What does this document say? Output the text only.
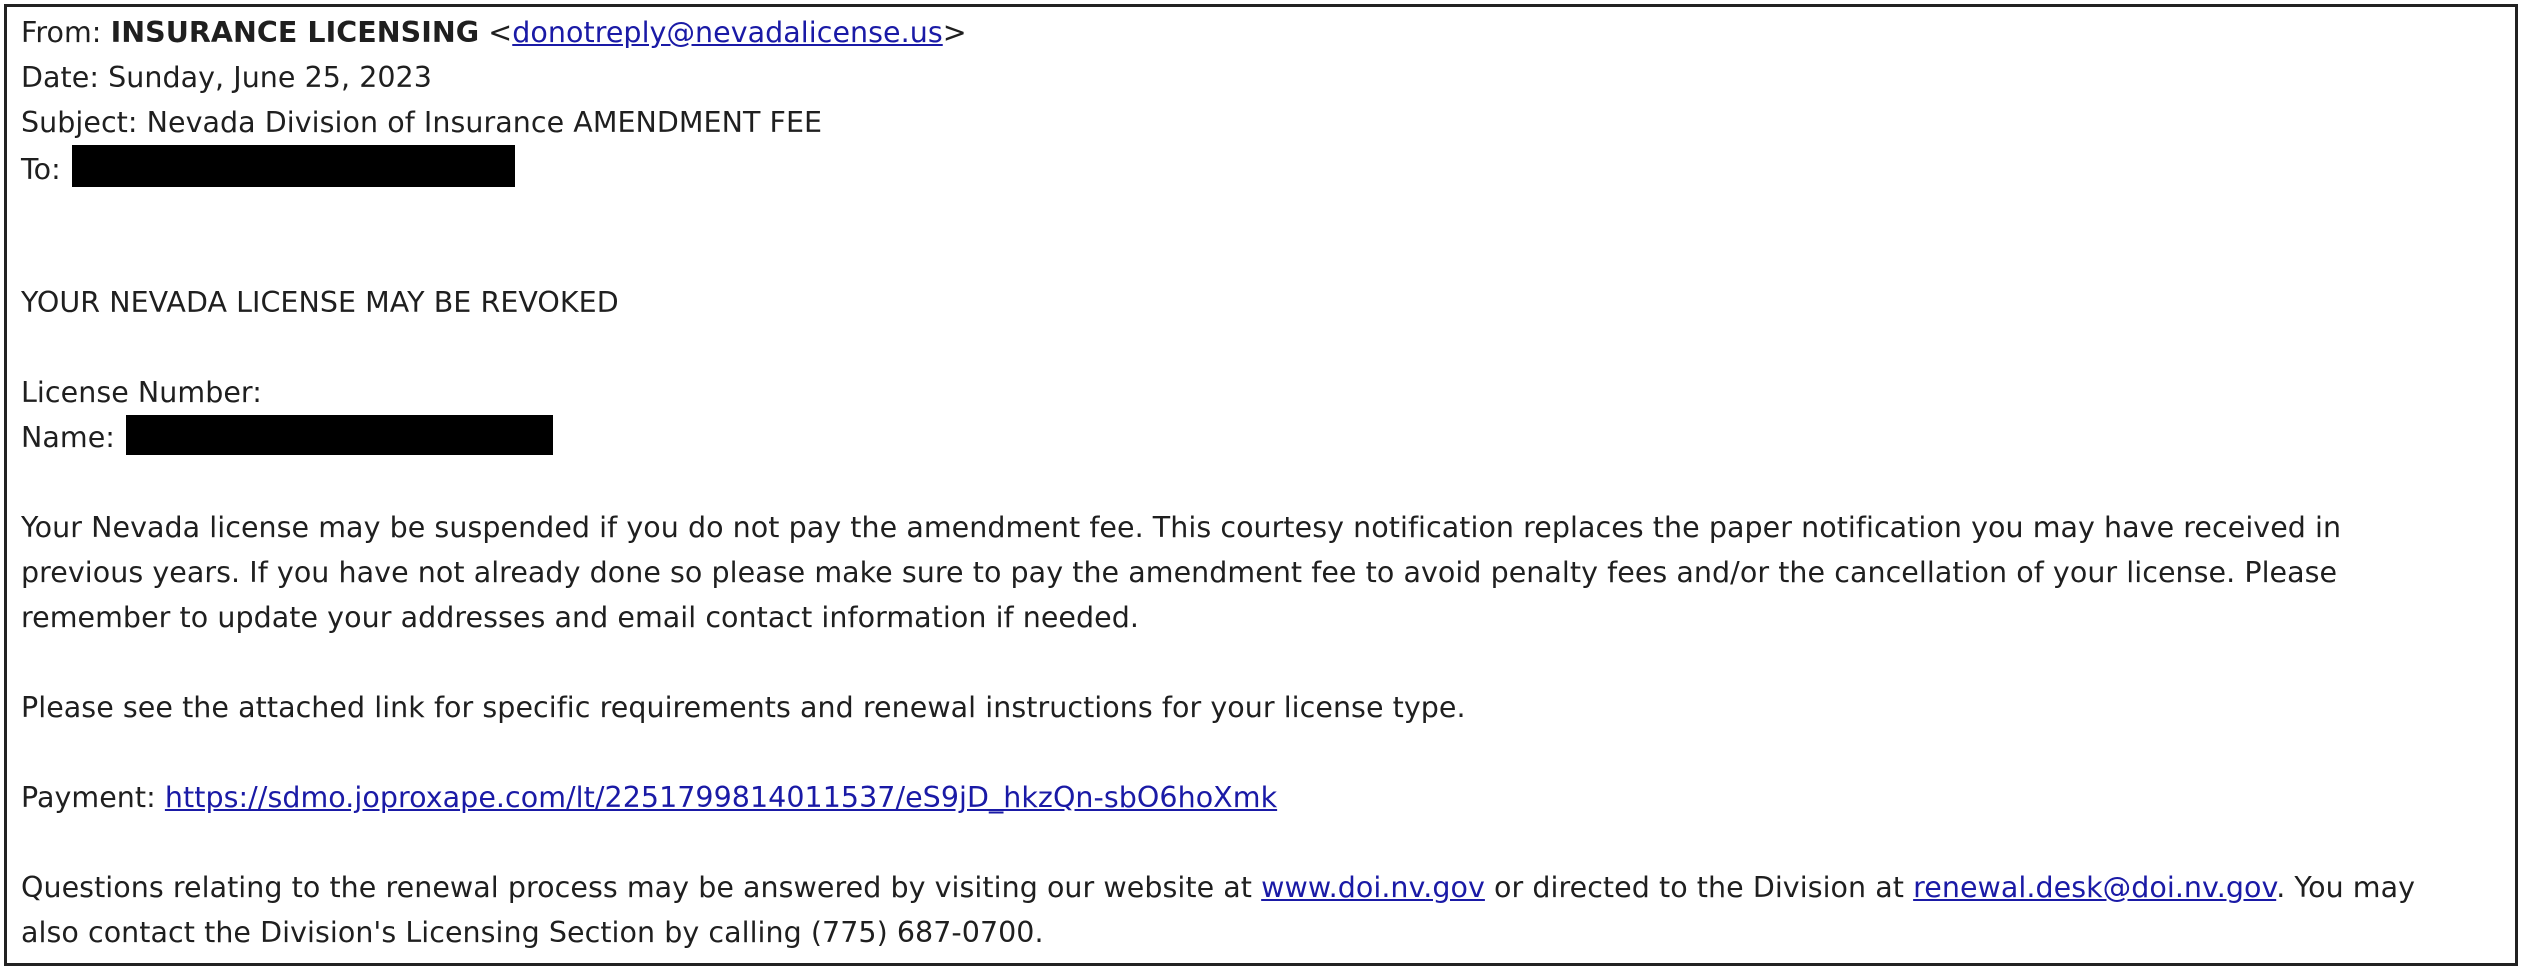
From: INSURANCE LICENSING <donotreply@nevadalicense.us>
Date: Sunday, June 25, 2023
Subject: Nevada Division of Insurance AMENDMENT FEE
To:
YOUR NEVADA LICENSE MAY BE REVOKED
License Number:
Name:
Your Nevada license may be suspended if you do not pay the amendment fee. This courtesy notification replaces the paper notification you may have received in
previous years. If you have not already done so please make sure to pay the amendment fee to avoid penalty fees and/or the cancellation of your license. Please
remember to update your addresses and email contact information if needed.
Please see the attached link for specific requirements and renewal instructions for your license type.
Payment: https://sdmo.joproxape.com/lt/2251799814011537/eS9jD_hkzQn-sbO6hoXmk
Questions relating to the renewal process may be answered by visiting our website at www.doi.nv.gov or directed to the Division at renewal.desk@doi.nv.gov. You may
also contact the Division's Licensing Section by calling (775) 687-0700.
